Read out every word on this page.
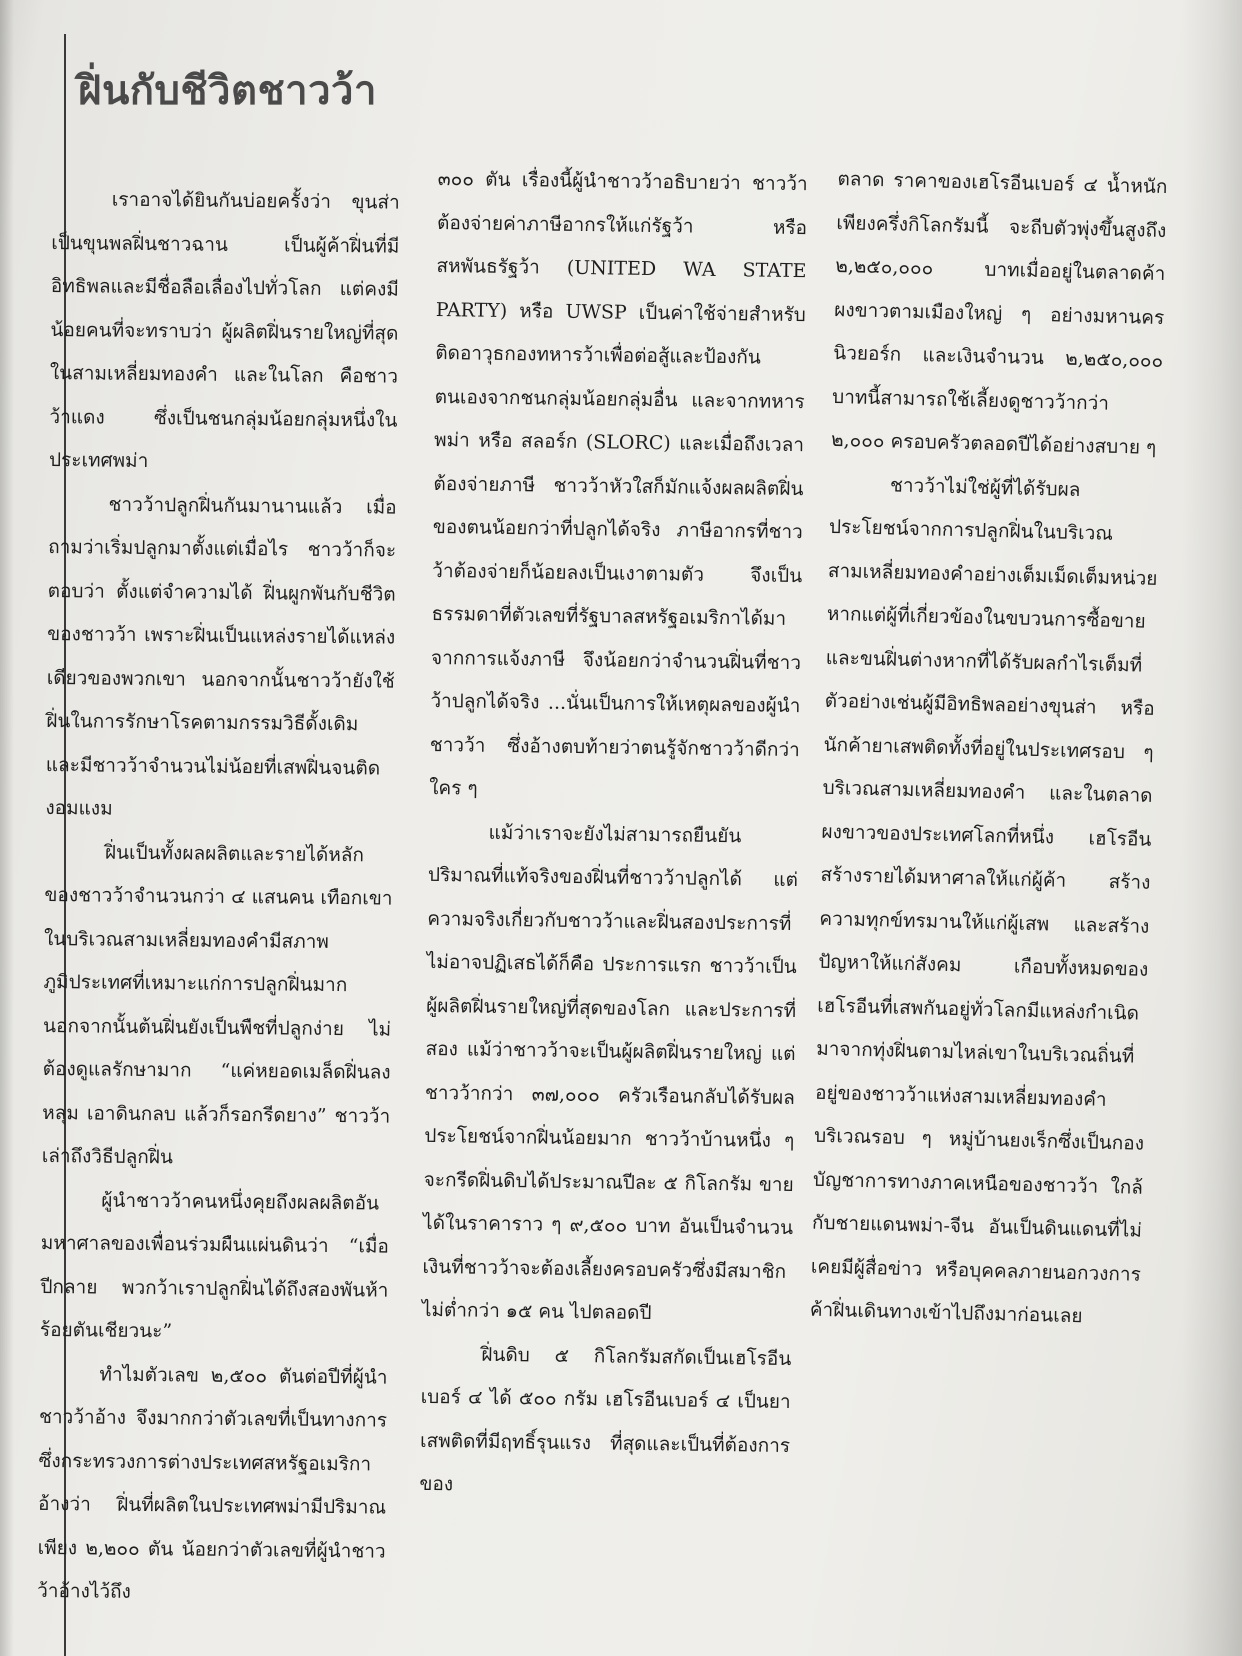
ฝิ่นกับชีวิตชาวว้า

เราอาจได้ยินกันบ่อยครั้งว่า ขุนส่าเป็นขุนพลฝิ่นชาวฉาน เป็นผู้ค้าฝิ่นที่มีอิทธิพลและมีชื่อลือเลื่องไปทั่วโลก แต่คงมีน้อยคนที่จะทราบว่า ผู้ผลิตฝิ่นรายใหญ่ที่สุดในสามเหลี่ยมทองคำ และในโลก คือชาวว้าแดง ซึ่งเป็นชนกลุ่มน้อยกลุ่มหนึ่งในประเทศพม่า

ชาวว้าปลูกฝิ่นกันมานานแล้ว เมื่อถามว่าเริ่มปลูกมาตั้งแต่เมื่อไร ชาวว้าก็จะตอบว่า ตั้งแต่จำความได้ ฝิ่นผูกพันกับชีวิตของชาวว้า เพราะฝิ่นเป็นแหล่งรายได้แหล่งเดียวของพวกเขา นอกจากนั้นชาวว้ายังใช้ฝิ่นในการรักษาโรคตามกรรมวิธีดั้งเดิม และมีชาวว้าจำนวนไม่น้อยที่เสพฝิ่นจนติดงอมแงม

ฝิ่นเป็นทั้งผลผลิตและรายได้หลักของชาวว้าจำนวนกว่า ๔ แสนคน เทือกเขาในบริเวณสามเหลี่ยมทองคำมีสภาพภูมิประเทศที่เหมาะแก่การปลูกฝิ่นมาก นอกจากนั้นต้นฝิ่นยังเป็นพืชที่ปลูกง่าย ไม่ต้องดูแลรักษามาก “แค่หยอดเมล็ดฝิ่นลงหลุม เอาดินกลบ แล้วก็รอกรีดยาง” ชาวว้าเล่าถึงวิธีปลูกฝิ่น

ผู้นำชาวว้าคนหนึ่งคุยถึงผลผลิตอันมหาศาลของเพื่อนร่วมผืนแผ่นดินว่า “เมื่อปีกลาย พวกว้าเราปลูกฝิ่นได้ถึงสองพันห้าร้อยตันเชียวนะ”

ทำไมตัวเลข ๒,๕๐๐ ตันต่อปีที่ผู้นำชาวว้าอ้าง จึงมากกว่าตัวเลขที่เป็นทางการ ซึ่งกระทรวงการต่างประเทศสหรัฐอเมริกาอ้างว่า ฝิ่นที่ผลิตในประเทศพม่ามีปริมาณเพียง ๒,๒๐๐ ตัน น้อยกว่าตัวเลขที่ผู้นำชาวว้าอ้างไว้ถึง

๓๐๐ ตัน เรื่องนี้ผู้นำชาวว้าอธิบายว่า ชาวว้าต้องจ่ายค่าภาษีอากรให้แก่รัฐว้า หรือสหพันธรัฐว้า (UNITED WA STATE PARTY) หรือ UWSP เป็นค่าใช้จ่ายสำหรับติดอาวุธกองทหารว้าเพื่อต่อสู้และป้องกันตนเองจากชนกลุ่มน้อยกลุ่มอื่น และจากทหารพม่า หรือ สลอร์ก (SLORC) และเมื่อถึงเวลาต้องจ่ายภาษี ชาวว้าหัวใสก็มักแจ้งผลผลิตฝิ่นของตนน้อยกว่าที่ปลูกได้จริง ภาษีอากรที่ชาวว้าต้องจ่ายก็น้อยลงเป็นเงาตามตัว จึงเป็นธรรมดาที่ตัวเลขที่รัฐบาลสหรัฐอเมริกาได้มาจากการแจ้งภาษี จึงน้อยกว่าจำนวนฝิ่นที่ชาวว้าปลูกได้จริง ...นั่นเป็นการให้เหตุผลของผู้นำชาวว้า ซึ่งอ้างตบท้ายว่าตนรู้จักชาวว้าดีกว่าใคร ๆ

แม้ว่าเราจะยังไม่สามารถยืนยันปริมาณที่แท้จริงของฝิ่นที่ชาวว้าปลูกได้ แต่ความจริงเกี่ยวกับชาวว้าและฝิ่นสองประการที่ไม่อาจปฏิเสธได้ก็คือ ประการแรก ชาวว้าเป็นผู้ผลิตฝิ่นรายใหญ่ที่สุดของโลก และประการที่สอง แม้ว่าชาวว้าจะเป็นผู้ผลิตฝิ่นรายใหญ่ แต่ชาวว้ากว่า ๓๗,๐๐๐ ครัวเรือนกลับได้รับผลประโยชน์จากฝิ่นน้อยมาก ชาวว้าบ้านหนึ่ง ๆ จะกรีดฝิ่นดิบได้ประมาณปีละ ๕ กิโลกรัม ขายได้ในราคาราว ๆ ๙,๕๐๐ บาท อันเป็นจำนวนเงินที่ชาวว้าจะต้องเลี้ยงครอบครัวซึ่งมีสมาชิกไม่ต่ำกว่า ๑๕ คน ไปตลอดปี

ฝิ่นดิบ ๕ กิโลกรัมสกัดเป็นเฮโรอีนเบอร์ ๔ ได้ ๕๐๐ กรัม เฮโรอีนเบอร์ ๔ เป็นยาเสพติดที่มีฤทธิ์รุนแรง ที่สุดและเป็นที่ต้องการของ

ตลาด ราคาของเฮโรอีนเบอร์ ๔ น้ำหนักเพียงครึ่งกิโลกรัมนี้ จะถีบตัวพุ่งขึ้นสูงถึง ๒,๒๕๐,๐๐๐ บาทเมื่ออยู่ในตลาดค้าผงขาวตามเมืองใหญ่ ๆ อย่างมหานครนิวยอร์ก และเงินจำนวน ๒,๒๕๐,๐๐๐ บาทนี้สามารถใช้เลี้ยงดูชาวว้ากว่า ๒,๐๐๐ ครอบครัวตลอดปีได้อย่างสบาย ๆ

ชาวว้าไม่ใช่ผู้ที่ได้รับผลประโยชน์จากการปลูกฝิ่นในบริเวณสามเหลี่ยมทองคำอย่างเต็มเม็ดเต็มหน่วย หากแต่ผู้ที่เกี่ยวข้องในขบวนการซื้อขายและขนฝิ่นต่างหากที่ได้รับผลกำไรเต็มที่ ตัวอย่างเช่นผู้มีอิทธิพลอย่างขุนส่า หรือนักค้ายาเสพติดทั้งที่อยู่ในประเทศรอบ ๆ บริเวณสามเหลี่ยมทองคำ และในตลาดผงขาวของประเทศโลกที่หนึ่ง เฮโรอีนสร้างรายได้มหาศาลให้แก่ผู้ค้า สร้างความทุกข์ทรมานให้แก่ผู้เสพ และสร้างปัญหาให้แก่สังคม เกือบทั้งหมดของเฮโรอีนที่เสพกันอยู่ทั่วโลกมีแหล่งกำเนิดมาจากทุ่งฝิ่นตามไหล่เขาในบริเวณถิ่นที่อยู่ของชาวว้าแห่งสามเหลี่ยมทองคำ บริเวณรอบ ๆ หมู่บ้านยงเร็กซึ่งเป็นกองบัญชาการทางภาคเหนือของชาวว้า ใกล้กับชายแดนพม่า-จีน อันเป็นดินแดนที่ไม่เคยมีผู้สื่อข่าว หรือบุคคลภายนอกวงการค้าฝิ่นเดินทางเข้าไปถึงมาก่อนเลย
